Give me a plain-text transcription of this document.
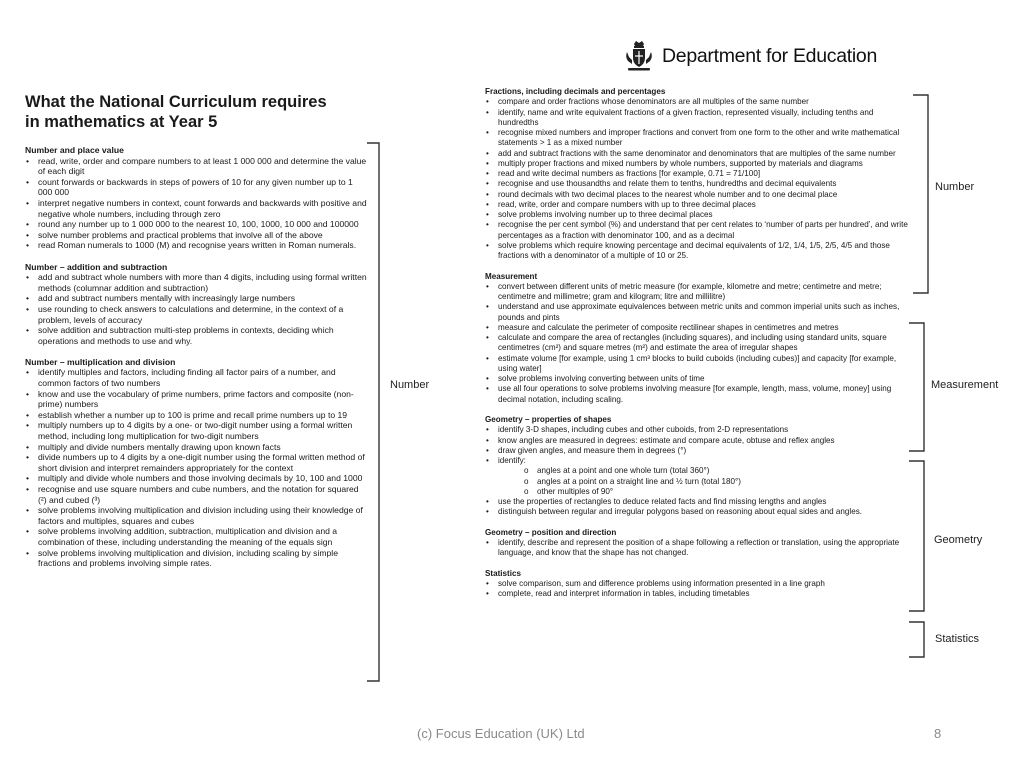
Department for Education
What the National Curriculum requires in mathematics at Year 5
Number and place value
• read, write, order and compare numbers to at least 1 000 000 and determine the value of each digit
• count forwards or backwards in steps of powers of 10 for any given number up to 1 000 000
• interpret negative numbers in context, count forwards and backwards with positive and negative whole numbers, including through zero
• round any number up to 1 000 000 to the nearest 10, 100, 1000, 10 000 and 100000
• solve number problems and practical problems that involve all of the above
• read Roman numerals to 1000 (M) and recognise years written in Roman numerals.
Number – addition and subtraction
• add and subtract whole numbers with more than 4 digits, including using formal written methods (columnar addition and subtraction)
• add and subtract numbers mentally with increasingly large numbers
• use rounding to check answers to calculations and determine, in the context of a problem, levels of accuracy
• solve addition and subtraction multi-step problems in contexts, deciding which operations and methods to use and why.
Number – multiplication and division
• identify multiples and factors, including finding all factor pairs of a number, and common factors of two numbers
• know and use the vocabulary of prime numbers, prime factors and composite (non-prime) numbers
• establish whether a number up to 100 is prime and recall prime numbers up to 19
• multiply numbers up to 4 digits by a one- or two-digit number using a formal written method, including long multiplication for two-digit numbers
• multiply and divide numbers mentally drawing upon known facts
• divide numbers up to 4 digits by a one-digit number using the formal written method of short division and interpret remainders appropriately for the context
• multiply and divide whole numbers and those involving decimals by 10, 100 and 1000
• recognise and use square numbers and cube numbers, and the notation for squared (²) and cubed (³)
• solve problems involving multiplication and division including using their knowledge of factors and multiples, squares and cubes
• solve problems involving addition, subtraction, multiplication and division and a combination of these, including understanding the meaning of the equals sign
• solve problems involving multiplication and division, including scaling by simple fractions and problems involving simple rates.
Fractions, including decimals and percentages
• compare and order fractions whose denominators are all multiples of the same number
• identify, name and write equivalent fractions of a given fraction, represented visually, including tenths and hundredths
• recognise mixed numbers and improper fractions and convert from one form to the other and write mathematical statements > 1 as a mixed number
• add and subtract fractions with the same denominator and denominators that are multiples of the same number
• multiply proper fractions and mixed numbers by whole numbers, supported by materials and diagrams
• read and write decimal numbers as fractions [for example, 0.71 = 71/100]
• recognise and use thousandths and relate them to tenths, hundredths and decimal equivalents
• round decimals with two decimal places to the nearest whole number and to one decimal place
• read, write, order and compare numbers with up to three decimal places
• solve problems involving number up to three decimal places
• recognise the per cent symbol (%) and understand that per cent relates to ‘number of parts per hundred’, and write percentages as a fraction with denominator 100, and as a decimal
• solve problems which require knowing percentage and decimal equivalents of 1/2, 1/4, 1/5, 2/5, 4/5 and those fractions with a denominator of a multiple of 10 or 25.
Measurement
• convert between different units of metric measure (for example, kilometre and metre; centimetre and metre; centimetre and millimetre; gram and kilogram; litre and millilitre)
• understand and use approximate equivalences between metric units and common imperial units such as inches, pounds and pints
• measure and calculate the perimeter of composite rectilinear shapes in centimetres and metres
• calculate and compare the area of rectangles (including squares), and including using standard units, square centimetres (cm²) and square metres (m²) and estimate the area of irregular shapes
• estimate volume [for example, using 1 cm³ blocks to build cuboids (including cubes)] and capacity [for example, using water]
• solve problems involving converting between units of time
• use all four operations to solve problems involving measure [for example, length, mass, volume, money] using decimal notation, including scaling.
Geometry – properties of shapes
• identify 3-D shapes, including cubes and other cuboids, from 2-D representations
• know angles are measured in degrees: estimate and compare acute, obtuse and reflex angles
• draw given angles, and measure them in degrees (°)
• identify:
o angles at a point and one whole turn (total 360°)
o angles at a point on a straight line and ½ turn (total 180°)
o other multiples of 90°
• use the properties of rectangles to deduce related facts and find missing lengths and angles
• distinguish between regular and irregular polygons based on reasoning about equal sides and angles.
Geometry – position and direction
• identify, describe and represent the position of a shape following a reflection or translation, using the appropriate language, and know that the shape has not changed.
Statistics
• solve comparison, sum and difference problems using information presented in a line graph
• complete, read and interpret information in tables, including timetables
Number
Number
Measurement
Geometry
Statistics
(c) Focus Education (UK) Ltd	8
